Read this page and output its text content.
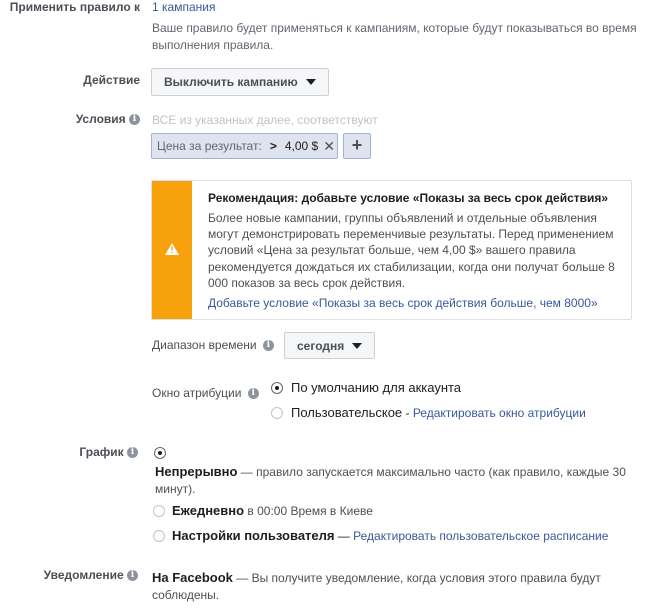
Применить правило к 1 кампания
Ваше правило будет применяться к кампаниям, которые будут показываться во время выполнения правила.
Действие Выключить кампанию
Условия i	ВСЕ из указанных далее, соответствуют
Цена за результат: > 4,00 $ ✕ +
!
Рекомендация: добавьте условие «Показы за весь срок действия»
Более новые кампании, группы объявлений и отдельные объявления могут демонстрировать переменчивые результаты. Перед применением условий «Цена за результат больше, чем 4,00 $» вашего правила рекомендуется дождаться их стабилизации, когда они получат больше 8 000 показов за весь срок действия.
Добавьте условие «Показы за весь срок действия больше, чем 8000»
Диапазон времени i	сегодня
Окно атрибуции i	По умолчанию для аккаунта
Пользовательское - Редактировать окно атрибуции
График i
Непрерывно — правило запускается максимально часто (как правило, каждые 30 минут).
Ежедневно в 00:00 Время в Киеве
Настройки пользователя — Редактировать пользовательское расписание
Уведомление i На Facebook — Вы получите уведомление, когда условия этого правила будут соблюдены.
